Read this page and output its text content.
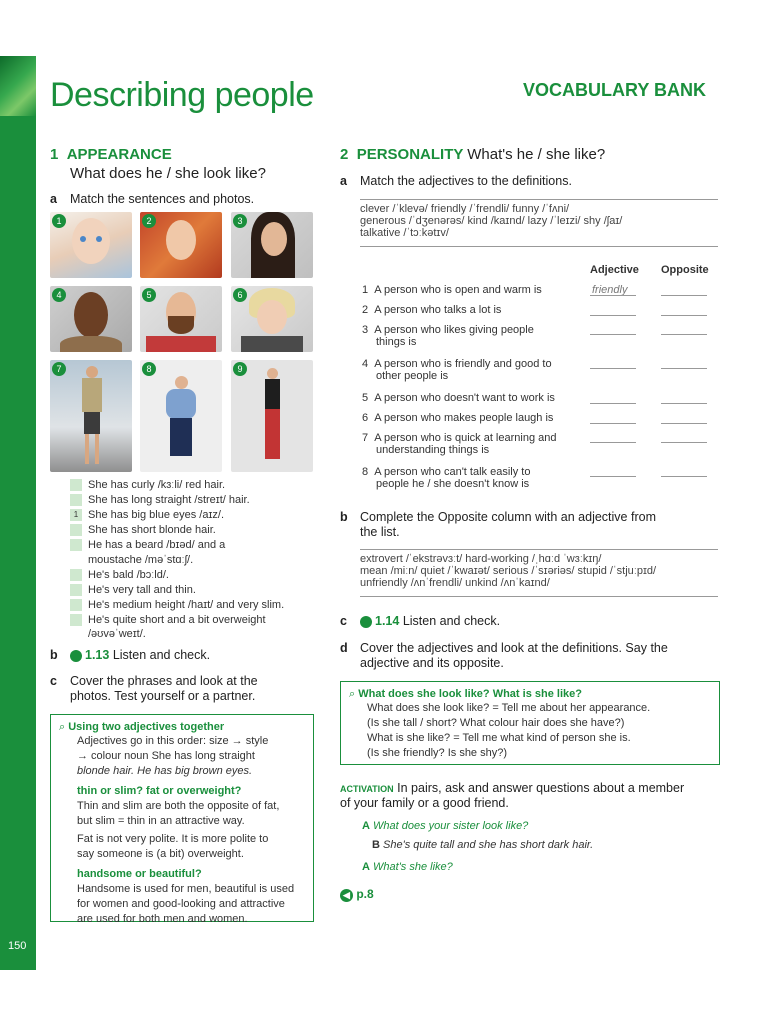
150
Describing people	VOCABULARY BANK
1 APPEARANCE
What does he / she look like?
a Match the sentences and photos.
1	2	3
4	5	6
7	8	9
She has curly /kɜːli/ red hair.
She has long straight /streɪt/ hair.
1 She has big blue eyes /aɪz/.
She has short blonde hair.
He has a beard /bɪəd/ and a
moustache /məˈstɑːʃ/.
He's bald /bɔːld/.
He's very tall and thin.
He's medium height /haɪt/ and very slim.
He's quite short and a bit overweight
/əʊvəˈweɪt/.
b 1.13 Listen and check.
c Cover the phrases and look at the
photos. Test yourself or a partner.
⌕ Using two adjectives together
Adjectives go in this order: size → style
→ colour noun She has long straight
blonde hair. He has big brown eyes.
thin or slim? fat or overweight?
Thin and slim are both the opposite of fat,
but slim = thin in an attractive way.
Fat is not very polite. It is more polite to
say someone is (a bit) overweight.
handsome or beautiful?
Handsome is used for men, beautiful is used
for women and good-looking and attractive
are used for both men and women.
2 PERSONALITY What's he / she like?
a Match the adjectives to the definitions.
clever /ˈklevə/ friendly /ˈfrendli/ funny /ˈfʌni/
generous /ˈdʒenərəs/ kind /kaɪnd/ lazy /ˈleɪzi/ shy /ʃaɪ/
talkative /ˈtɔːkətɪv/
Adjective Opposite
1 A person who is open and warm is	friendly
2 A person who talks a lot is
3 A person who likes giving people
things is
4 A person who is friendly and good to
other people is
5 A person who doesn't want to work is
6 A person who makes people laugh is
7 A person who is quick at learning and
understanding things is
8 A person who can't talk easily to
people he / she doesn't know is
b Complete the Opposite column with an adjective from
the list.
extrovert /ˈekstrəvɜːt/ hard-working /ˌhɑːd ˈwɜːkɪŋ/
mean /miːn/ quiet /ˈkwaɪət/ serious /ˈsɪəriəs/ stupid /ˈstjuːpɪd/
unfriendly /ʌnˈfrendli/ unkind /ʌnˈkaɪnd/
c 1.14 Listen and check.
d Cover the adjectives and look at the definitions. Say the
adjective and its opposite.
⌕ What does she look like? What is she like?
What does she look like? = Tell me about her appearance.
(Is she tall / short? What colour hair does she have?)
What is she like? = Tell me what kind of person she is.
(Is she friendly? Is she shy?)
ACTIVATION In pairs, ask and answer questions about a member
of your family or a good friend.
A What does your sister look like?
B She's quite tall and she has short dark hair.
A What's she like?
◀ p.8
